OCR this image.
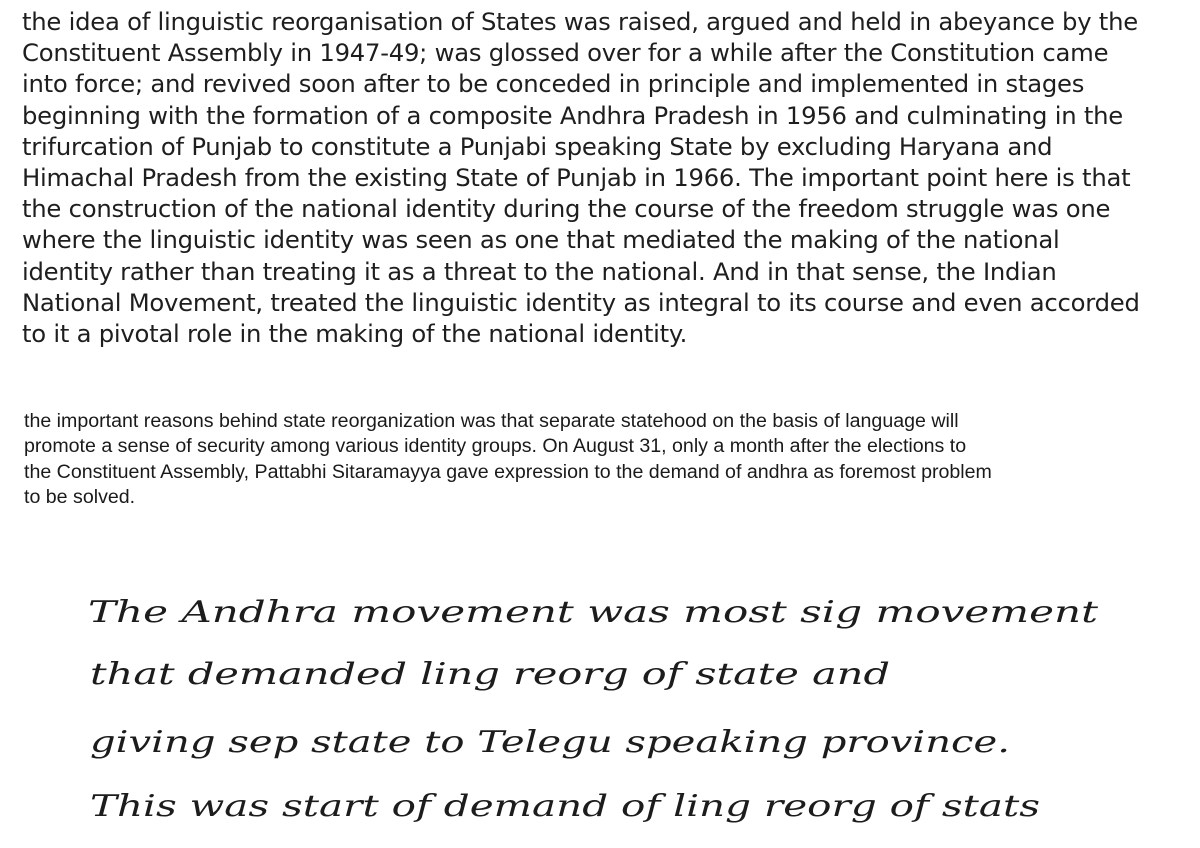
the idea of linguistic reorganisation of States was raised, argued and held in abeyance by the
Constituent Assembly in 1947-49; was glossed over for a while after the Constitution came
into force; and revived soon after to be conceded in principle and implemented in stages
beginning with the formation of a composite Andhra Pradesh in 1956 and culminating in the
trifurcation of Punjab to constitute a Punjabi speaking State by excluding Haryana and
Himachal Pradesh from the existing State of Punjab in 1966. The important point here is that
the construction of the national identity during the course of the freedom struggle was one
where the linguistic identity was seen as one that mediated the making of the national
identity rather than treating it as a threat to the national. And in that sense, the Indian
National Movement, treated the linguistic identity as integral to its course and even accorded
to it a pivotal role in the making of the national identity.
the important reasons behind state reorganization was that separate statehood on the basis of language will
promote a sense of security among various identity groups. On August 31, only a month after the elections to
the Constituent Assembly, Pattabhi Sitaramayya gave expression to the demand of andhra as foremost problem
to be solved.
The Andhra movement was most sig movement
that demanded ling reorg of state and
giving sep state to Telegu speaking province.
This was start of demand of ling reorg of stats
